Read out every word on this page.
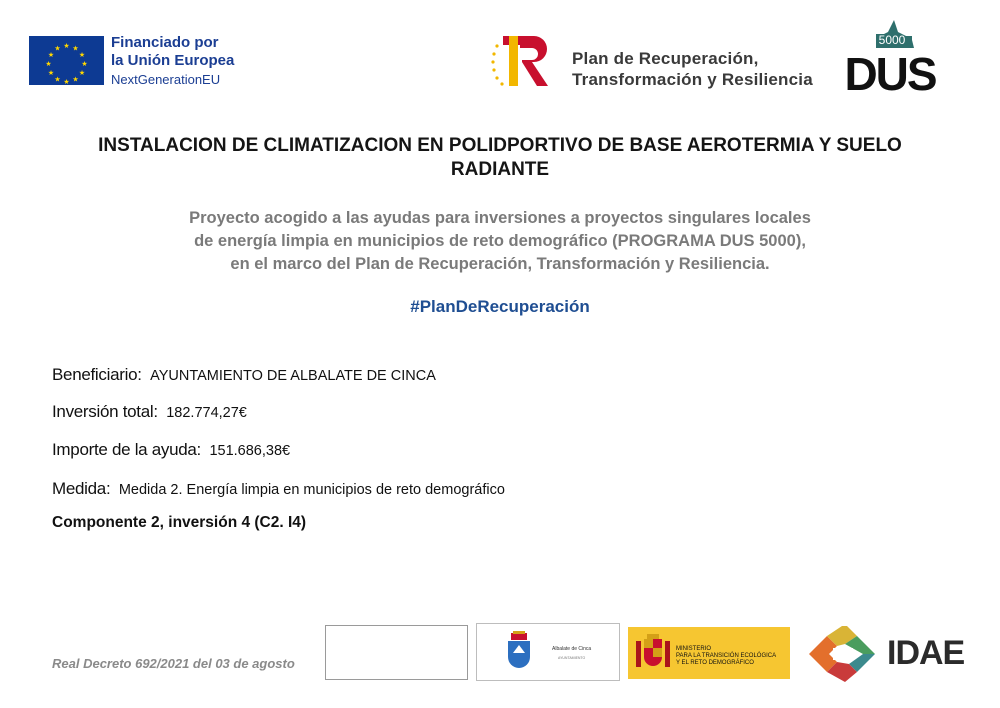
★ ★
★
★
★
★
★
★
★
★
★
★	Financiado por
la Unión Europea
NextGenerationEU
Plan de Recuperación,
Transformación y Resiliencia
5000
DUS
INSTALACION DE CLIMATIZACION EN POLIDPORTIVO DE BASE AEROTERMIA Y SUELO RADIANTE
Proyecto acogido a las ayudas para inversiones a proyectos singulares locales
de energía limpia en municipios de reto demográfico (PROGRAMA DUS 5000),
en el marco del Plan de Recuperación, Transformación y Resiliencia.
#PlanDeRecuperación
Beneficiario: AYUNTAMIENTO DE ALBALATE DE CINCA
Inversión total: 182.774,27€
Importe de la ayuda: 151.686,38€
Medida: Medida 2. Energía limpia en municipios de reto demográfico
Componente 2, inversión 4 (C2. I4)
Real Decreto 692/2021 del 03 de agosto
Albalate de Cinca
AYUNTAMIENTO
MINISTERIO
PARA LA TRANSICIÓN ECOLÓGICA
Y EL RETO DEMOGRÁFICO	IDAE
